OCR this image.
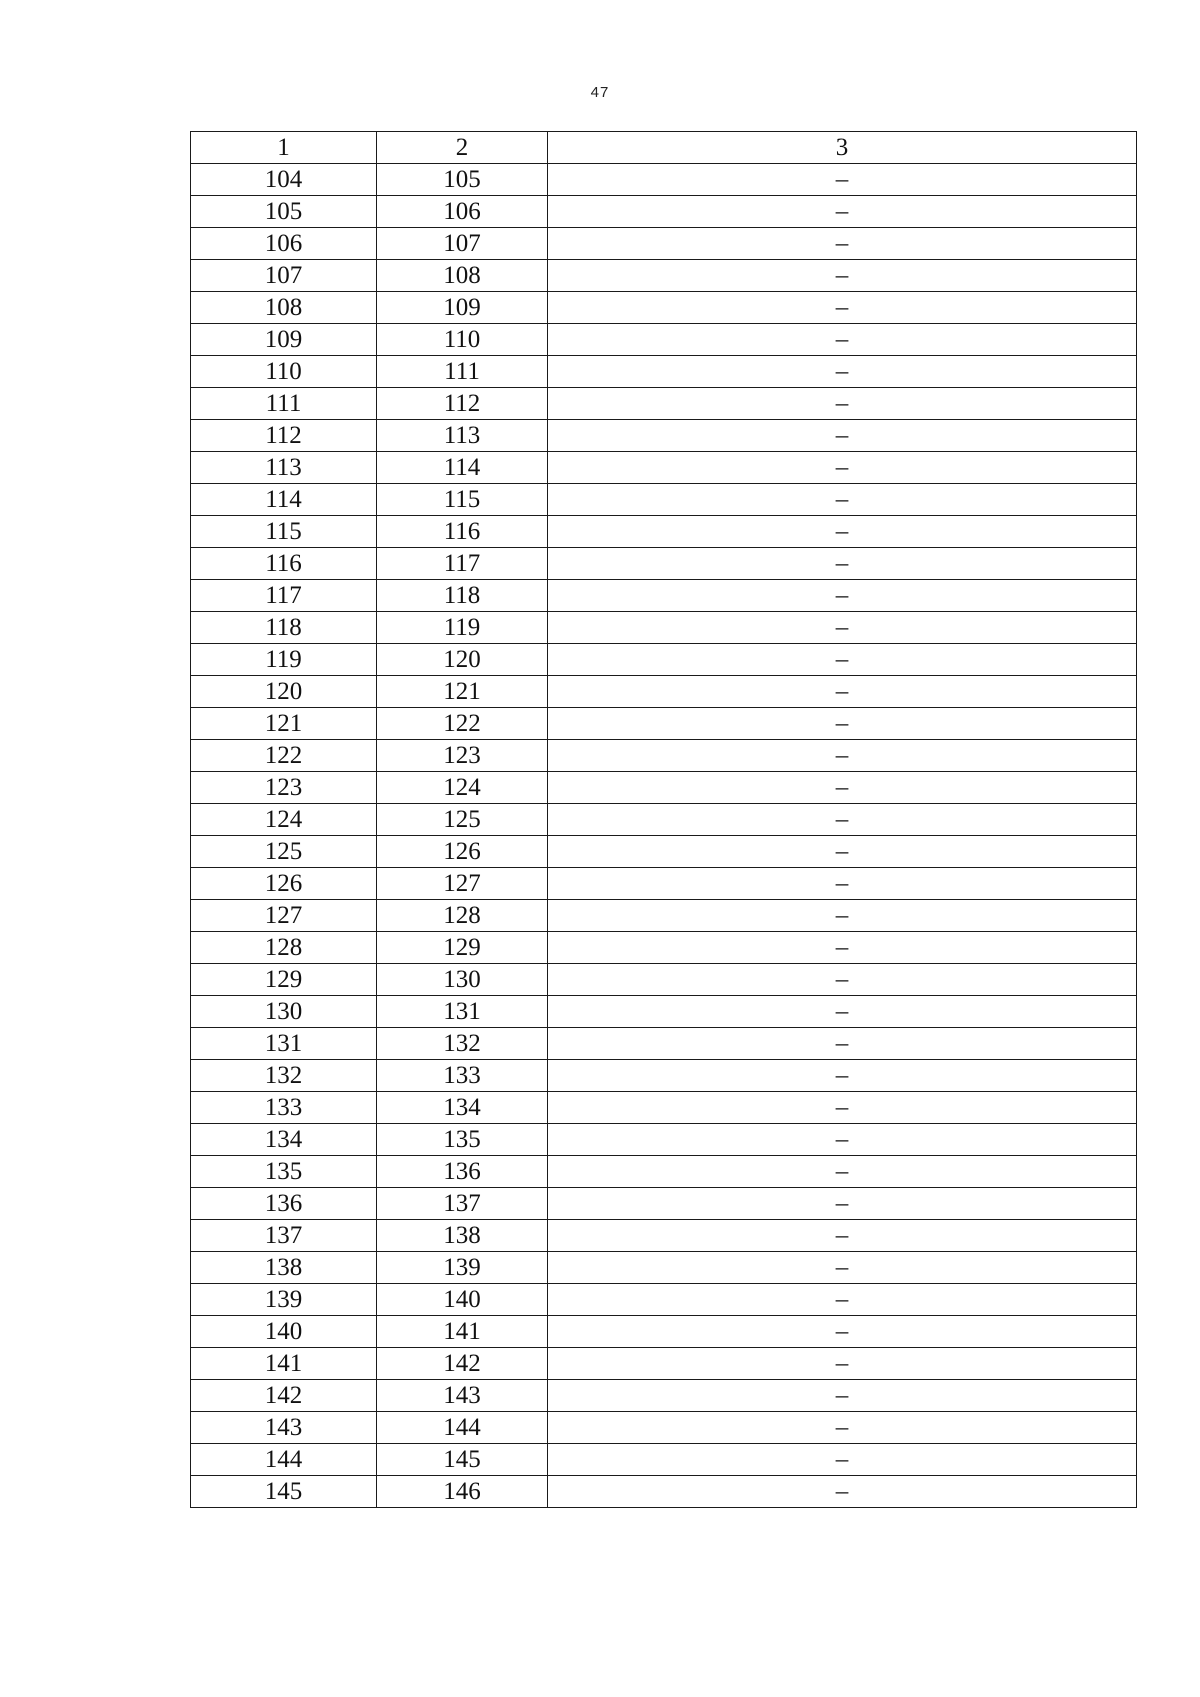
47
1	2	3
104	105	–
105	106	–
106	107	–
107	108	–
108	109	–
109	110	–
110	111	–
111	112	–
112	113	–
113	114	–
114	115	–
115	116	–
116	117	–
117	118	–
118	119	–
119	120	–
120	121	–
121	122	–
122	123	–
123	124	–
124	125	–
125	126	–
126	127	–
127	128	–
128	129	–
129	130	–
130	131	–
131	132	–
132	133	–
133	134	–
134	135	–
135	136	–
136	137	–
137	138	–
138	139	–
139	140	–
140	141	–
141	142	–
142	143	–
143	144	–
144	145	–
145	146	–
